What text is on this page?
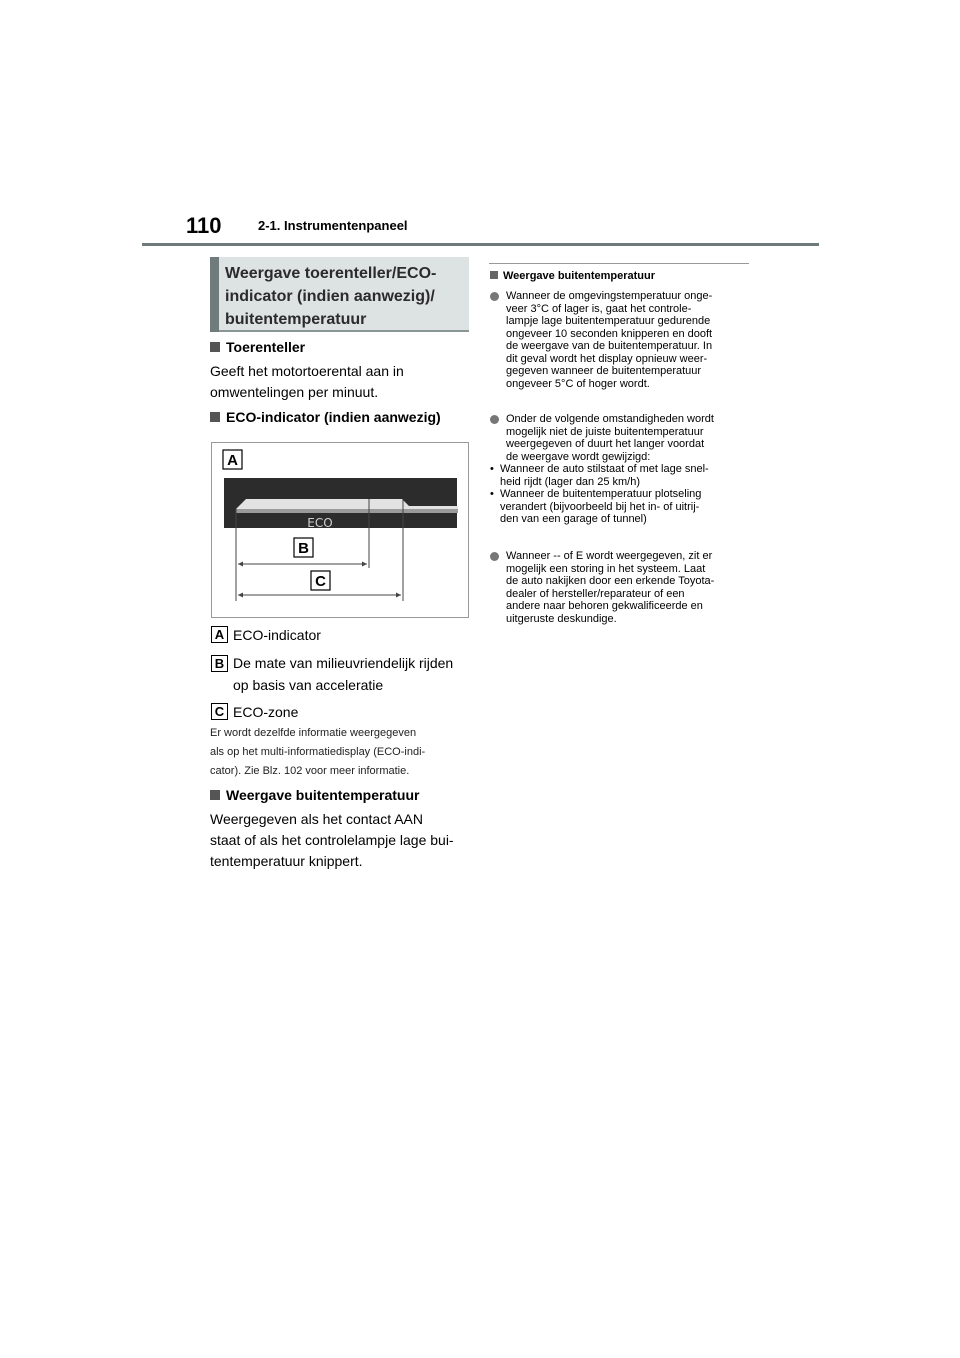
110	2-1. Instrumentenpaneel
Weergave toerenteller/ECO-
indicator (indien aanwezig)/
buitentemperatuur
Toerenteller
Geeft het motortoerental aan in
omwentelingen per minuut.
ECO-indicator (indien aanwezig)
A
ECO
B
C
A ECO-indicator
B De mate van milieuvriendelijk rijden
op basis van acceleratie
C ECO-zone
Er wordt dezelfde informatie weergegeven
als op het multi-informatiedisplay (ECO-indi-
cator). Zie Blz. 102 voor meer informatie.
Weergave buitentemperatuur
Weergegeven als het contact AAN
staat of als het controlelampje lage bui-
tentemperatuur knippert.
Weergave buitentemperatuur
Wanneer de omgevingstemperatuur onge-
veer 3°C of lager is, gaat het controle-
lampje lage buitentemperatuur gedurende
ongeveer 10 seconden knipperen en dooft
de weergave van de buitentemperatuur. In
dit geval wordt het display opnieuw weer-
gegeven wanneer de buitentemperatuur
ongeveer 5°C of hoger wordt.
Onder de volgende omstandigheden wordt
mogelijk niet de juiste buitentemperatuur
weergegeven of duurt het langer voordat
de weergave wordt gewijzigd:
• Wanneer de auto stilstaat of met lage snel-
heid rijdt (lager dan 25 km/h)
• Wanneer de buitentemperatuur plotseling
verandert (bijvoorbeeld bij het in- of uitrij-
den van een garage of tunnel)
Wanneer -- of E wordt weergegeven, zit er
mogelijk een storing in het systeem. Laat
de auto nakijken door een erkende Toyota-
dealer of hersteller/reparateur of een
andere naar behoren gekwalificeerde en
uitgeruste deskundige.
